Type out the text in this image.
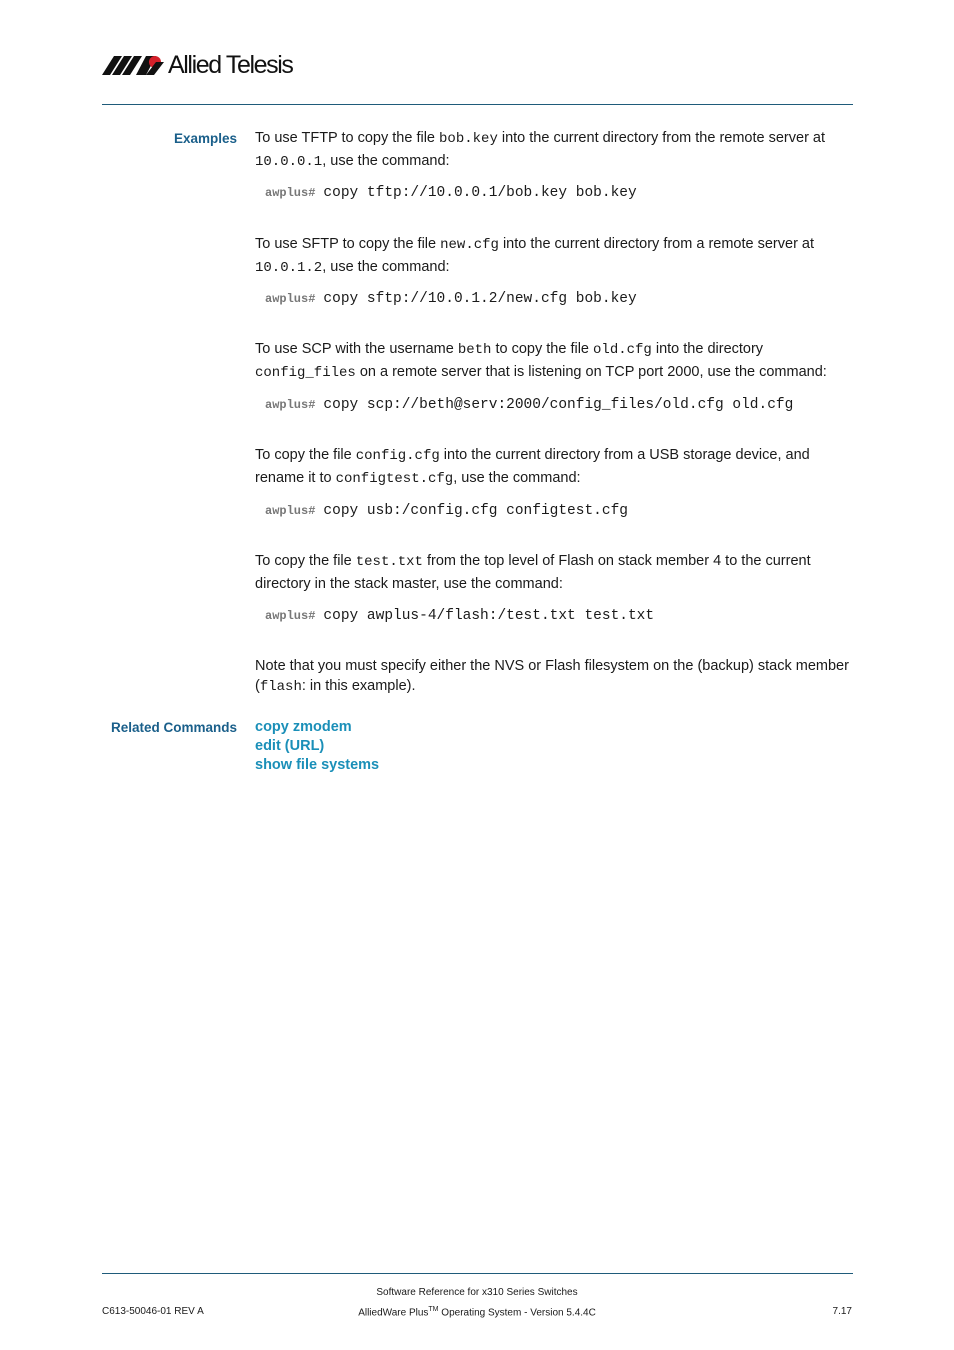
Allied Telesis
Examples To use TFTP to copy the file bob.key into the current directory from the remote server at 10.0.0.1, use the command:
awplus# copy tftp://10.0.0.1/bob.key bob.key
To use SFTP to copy the file new.cfg into the current directory from a remote server at 10.0.1.2, use the command:
awplus# copy sftp://10.0.1.2/new.cfg bob.key
To use SCP with the username beth to copy the file old.cfg into the directory config_files on a remote server that is listening on TCP port 2000, use the command:
awplus# copy scp://beth@serv:2000/config_files/old.cfg old.cfg
To copy the file config.cfg into the current directory from a USB storage device, and rename it to configtest.cfg, use the command:
awplus# copy usb:/config.cfg configtest.cfg
To copy the file test.txt from the top level of Flash on stack member 4 to the current directory in the stack master, use the command:
awplus# copy awplus-4/flash:/test.txt test.txt
Note that you must specify either the NVS or Flash filesystem on the (backup) stack member (flash: in this example).
Related Commands copy zmodem
edit (URL)
show file systems
Software Reference for x310 Series Switches
AlliedWare Plus™ Operating System - Version 5.4.4C
C613-50046-01 REV A	7.17
